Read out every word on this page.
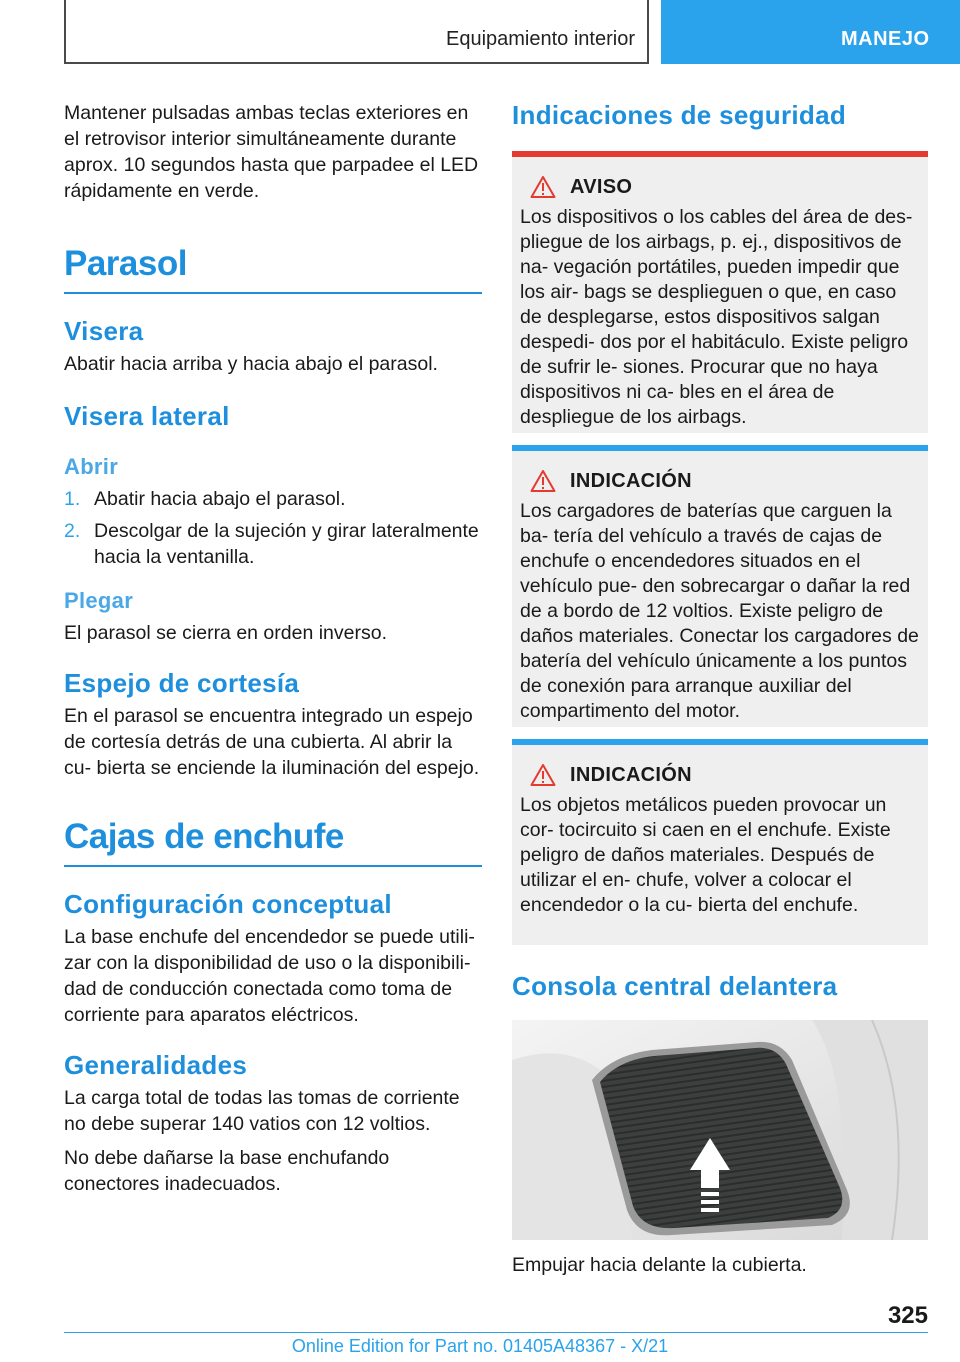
Equipamiento interior	MANEJO

Mantener pulsadas ambas teclas exteriores en el retrovisor interior simultáneamente durante aprox. 10 segundos hasta que parpadee el LED rápidamente en verde.

Parasol
Visera

Abatir hacia arriba y hacia abajo el parasol.

Visera lateral
Abrir
1. Abatir hacia abajo el parasol.
2. Descolgar de la sujeción y girar lateralmente hacia la ventanilla.
Plegar

El parasol se cierra en orden inverso.

Espejo de cortesía

En el parasol se encuentra integrado un espejo de cortesía detrás de una cubierta. Al abrir la cu‐ bierta se enciende la iluminación del espejo.

Cajas de enchufe
Configuración conceptual

La base enchufe del encendedor se puede utili‐ zar con la disponibilidad de uso o la disponibili‐ dad de conducción conectada como toma de corriente para aparatos eléctricos.

Generalidades

La carga total de todas las tomas de corriente no debe superar 140 vatios con 12 voltios.

No debe dañarse la base enchufando conectores inadecuados.

Indicaciones de seguridad
AVISO

Los dispositivos o los cables del área de des‐ pliegue de los airbags, p. ej., dispositivos de na‐ vegación portátiles, pueden impedir que los air‐ bags se desplieguen o que, en caso de desplegarse, estos dispositivos salgan despedi‐ dos por el habitáculo. Existe peligro de sufrir le‐ siones. Procurar que no haya dispositivos ni ca‐ bles en el área de despliegue de los airbags.

INDICACIÓN

Los cargadores de baterías que carguen la ba‐ tería del vehículo a través de cajas de enchufe o encendedores situados en el vehículo pue‐ den sobrecargar o dañar la red de a bordo de 12 voltios. Existe peligro de daños materiales. Conectar los cargadores de batería del vehículo únicamente a los puntos de conexión para arranque auxiliar del compartimento del motor.

INDICACIÓN

Los objetos metálicos pueden provocar un cor‐ tocircuito si caen en el enchufe. Existe peligro de daños materiales. Después de utilizar el en‐ chufe, volver a colocar el encendedor o la cu‐ bierta del enchufe.

Consola central delantera

Empujar hacia delante la cubierta.

325
Online Edition for Part no. 01405A48367 - X/21
